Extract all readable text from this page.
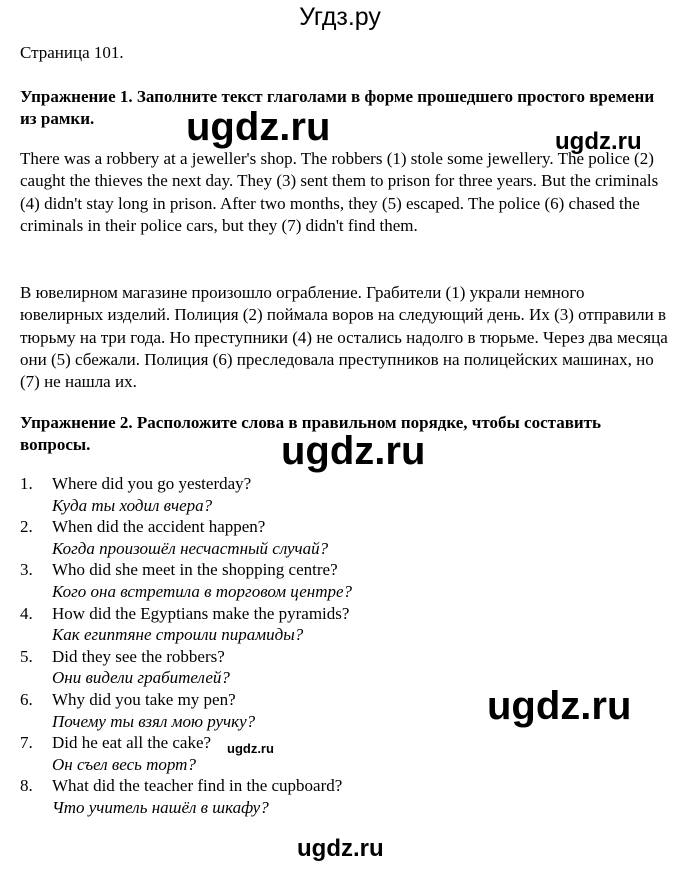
Угдз.ру
Страница 101.
Упражнение 1. Заполните текст глаголами в форме прошедшего простого времени из рамки.
There was a robbery at a jeweller's shop. The robbers (1) stole some jewellery. The police (2) caught the thieves the next day. They (3) sent them to prison for three years. But the criminals (4) didn't stay long in prison. After two months, they (5) escaped. The police (6) chased the criminals in their police cars, but they (7) didn't find them.
В ювелирном магазине произошло ограбление. Грабители (1) украли немного ювелирных изделий. Полиция (2) поймала воров на следующий день. Их (3) отправили в тюрьму на три года. Но преступники (4) не остались надолго в тюрьме. Через два месяца они (5) сбежали. Полиция (6) преследовала преступников на полицейских машинах, но (7) не нашла их.
Упражнение 2. Расположите слова в правильном порядке, чтобы составить вопросы.
1. Where did you go yesterday?
Куда ты ходил вчера?
2. When did the accident happen?
Когда произошёл несчастный случай?
3. Who did she meet in the shopping centre?
Кого она встретила в торговом центре?
4. How did the Egyptians make the pyramids?
Как египтяне строили пирамиды?
5. Did they see the robbers?
Они видели грабителей?
6. Why did you take my pen?
Почему ты взял мою ручку?
7. Did he eat all the cake?
Он съел весь торт?
8. What did the teacher find in the cupboard?
Что учитель нашёл в шкафу?
ugdz.ru	ugdz.ru
ugdz.ru
ugdz.ru
ugdz.ru
ugdz.ru
